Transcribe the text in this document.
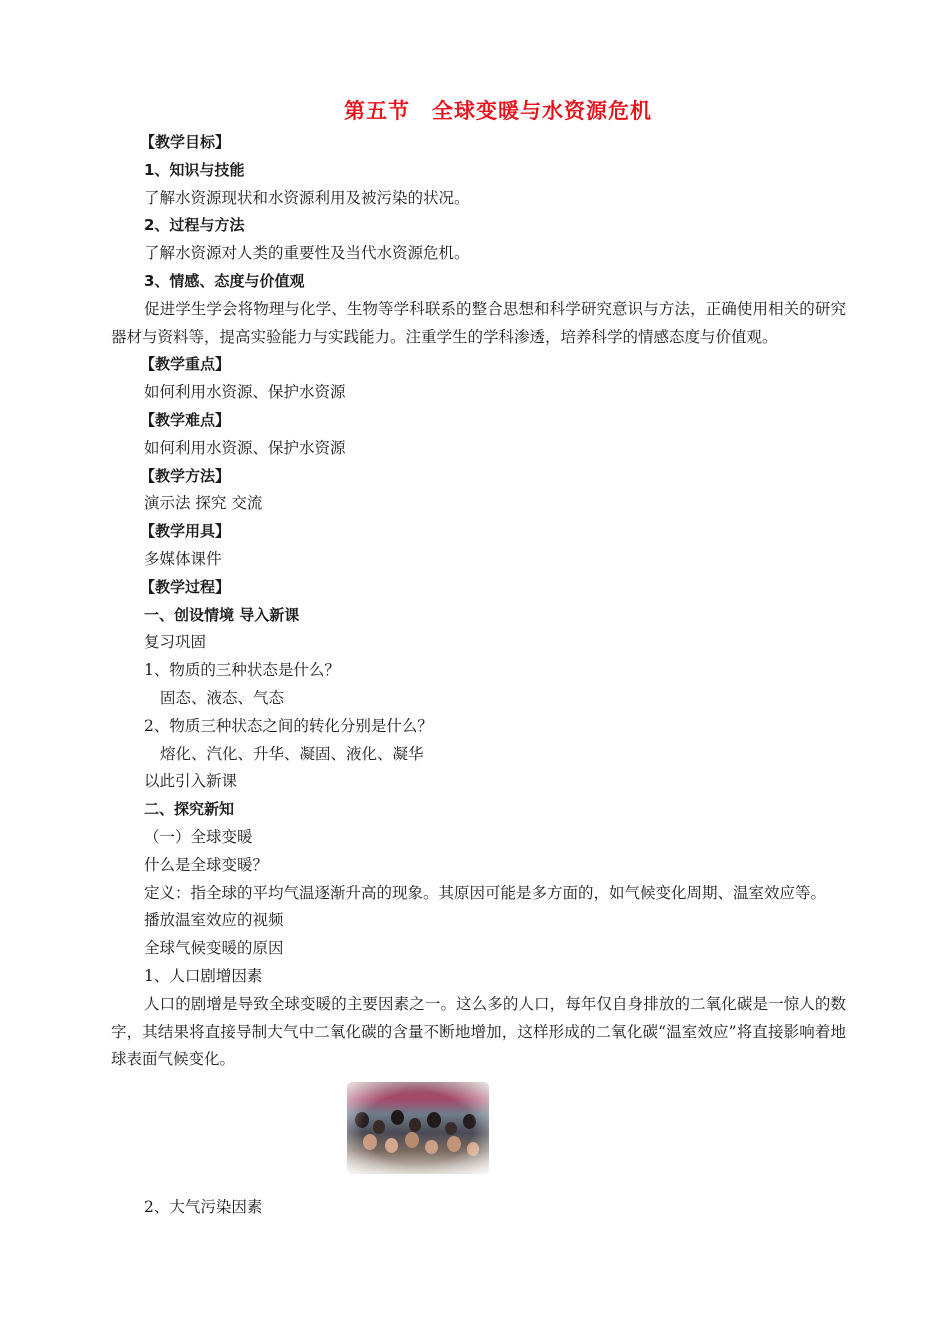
第五节　全球变暖与水资源危机
【教学目标】
1、知识与技能
了解水资源现状和水资源利用及被污染的状况。
2、过程与方法
了解水资源对人类的重要性及当代水资源危机。
3、情感、态度与价值观

促进学生学会将物理与化学、生物等学科联系的整合思想和科学研究意识与方法，正确使用相关的研究器材与资料等，提高实验能力与实践能力。注重学生的学科渗透，培养科学的情感态度与价值观。

【教学重点】
如何利用水资源、保护水资源
【教学难点】
如何利用水资源、保护水资源
【教学方法】
演示法 探究 交流
【教学用具】
多媒体课件
【教学过程】
一、创设情境 导入新课
复习巩固
1、物质的三种状态是什么？
固态、液态、气态
2、物质三种状态之间的转化分别是什么？
熔化、汽化、升华、凝固、液化、凝华
以此引入新课
二、探究新知
（一）全球变暖
什么是全球变暖？

定义：指全球的平均气温逐渐升高的现象。其原因可能是多方面的，如气候变化周期、温室效应等。

播放温室效应的视频
全球气候变暖的原因
1、人口剧增因素

人口的剧增是导致全球变暖的主要因素之一。这么多的人口，每年仅自身排放的二氧化碳是一惊人的数字，其结果将直接导制大气中二氧化碳的含量不断地增加，这样形成的二氧化碳“温室效应”将直接影响着地球表面气候变化。

2、大气污染因素
